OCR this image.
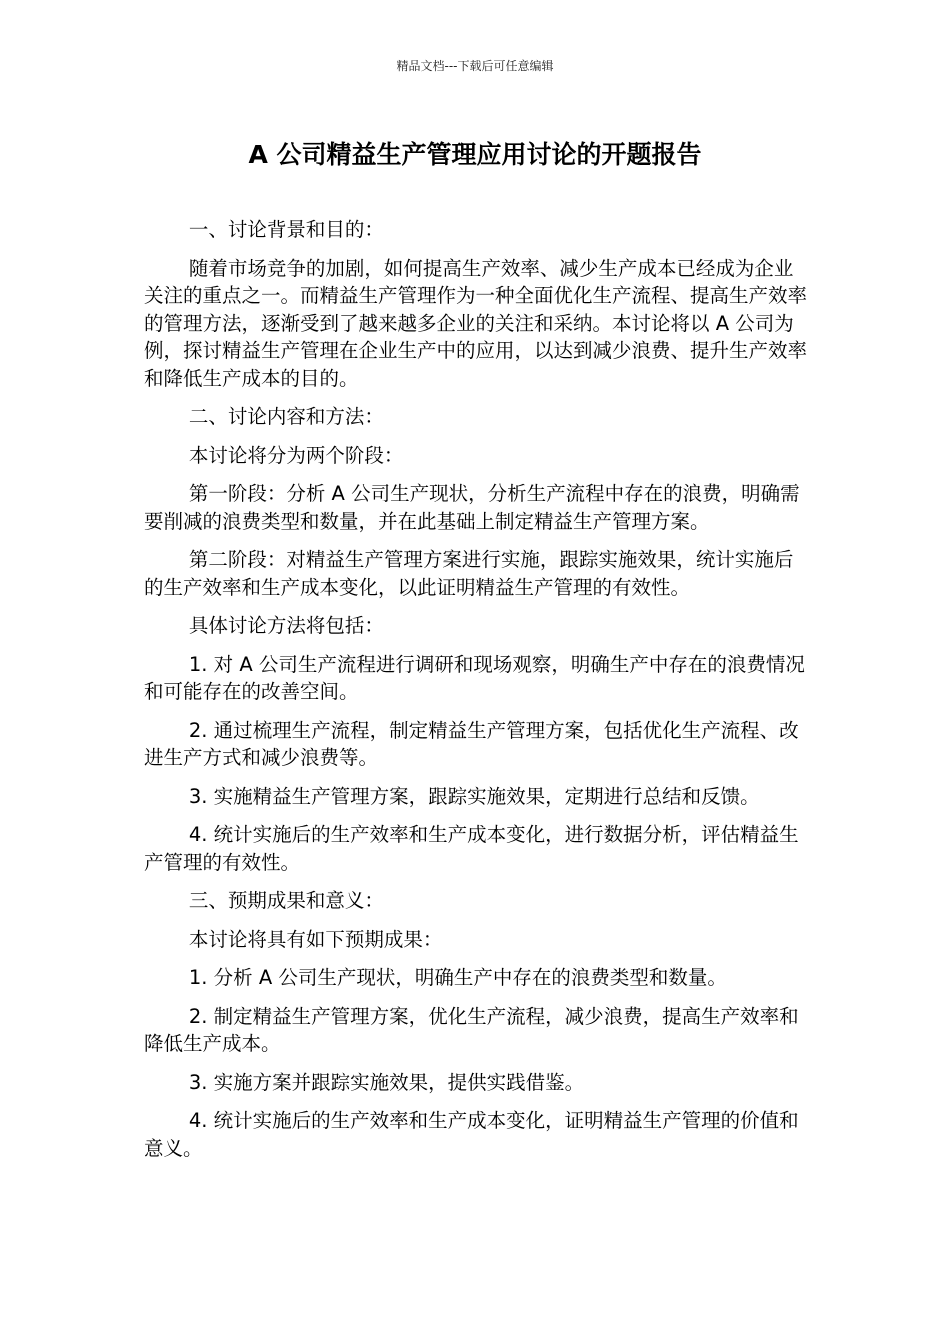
精品文档---下载后可任意编辑
A 公司精益生产管理应用讨论的开题报告

一、讨论背景和目的：

随着市场竞争的加剧，如何提高生产效率、减少生产成本已经成为企业关注的重点之一。而精益生产管理作为一种全面优化生产流程、提高生产效率的管理方法，逐渐受到了越来越多企业的关注和采纳。本讨论将以 A 公司为例，探讨精益生产管理在企业生产中的应用，以达到减少浪费、提升生产效率和降低生产成本的目的。

二、讨论内容和方法：

本讨论将分为两个阶段：

第一阶段：分析 A 公司生产现状，分析生产流程中存在的浪费，明确需要削减的浪费类型和数量，并在此基础上制定精益生产管理方案。

第二阶段：对精益生产管理方案进行实施，跟踪实施效果，统计实施后的生产效率和生产成本变化，以此证明精益生产管理的有效性。

具体讨论方法将包括：

1. 对 A 公司生产流程进行调研和现场观察，明确生产中存在的浪费情况和可能存在的改善空间。

2. 通过梳理生产流程，制定精益生产管理方案，包括优化生产流程、改进生产方式和减少浪费等。

3. 实施精益生产管理方案，跟踪实施效果，定期进行总结和反馈。

4. 统计实施后的生产效率和生产成本变化，进行数据分析，评估精益生产管理的有效性。

三、预期成果和意义：

本讨论将具有如下预期成果：

1. 分析 A 公司生产现状，明确生产中存在的浪费类型和数量。

2. 制定精益生产管理方案，优化生产流程，减少浪费，提高生产效率和降低生产成本。

3. 实施方案并跟踪实施效果，提供实践借鉴。

4. 统计实施后的生产效率和生产成本变化，证明精益生产管理的价值和意义。
